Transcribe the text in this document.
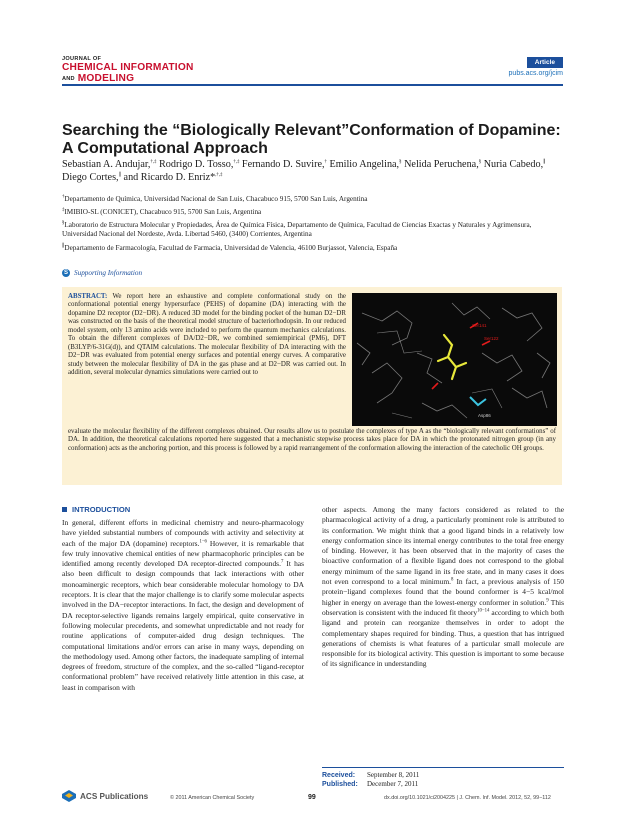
JOURNAL OF
CHEMICAL INFORMATION
AND MODELING
Article
pubs.acs.org/jcim
Searching the “Biologically Relevant”Conformation of Dopamine: A Computational Approach
Sebastian A. Andujar,†,‡ Rodrigo D. Tosso,†,‡ Fernando D. Suvire,† Emilio Angelina,§ Nelida Peruchena,§ Nuria Cabedo,∥ Diego Cortes,∥ and Ricardo D. Enriz*,†,‡
†Departamento de Química, Universidad Nacional de San Luis, Chacabuco 915, 5700 San Luis, Argentina
‡IMIBIO-SL (CONICET), Chacabuco 915, 5700 San Luis, Argentina
§Laboratorio de Estructura Molecular y Propiedades, Área de Química Física, Departamento de Química, Facultad de Ciencias Exactas y Naturales y Agrimensura, Universidad Nacional del Nordeste, Avda. Libertad 5460, (3400) Corrientes, Argentina
∥Departamento de Farmacología, Facultad de Farmacia, Universidad de Valencia, 46100 Burjassot, Valencia, España
S Supporting Information
ABSTRACT: We report here an exhaustive and complete conformational study on the conformational potential energy hypersurface (PEHS) of dopamine (DA) interacting with the dopamine D2 receptor (D2−DR). A reduced 3D model for the binding pocket of the human D2−DR was constructed on the basis of the theoretical model structure of bacteriorhodopsin. In our reduced model system, only 13 amino acids were included to perform the quantum mechanics calculations. To obtain the different complexes of DA/D2−DR, we combined semiempirical (PM6), DFT (B3LYP/6-31G(d)), and QTAIM calculations. The molecular flexibility of DA interacting with the D2−DR was evaluated from potential energy surfaces and potential energy curves. A comparative study between the molecular flexibility of DA in the gas phase and at D2−DR was carried out. In addition, several molecular dynamics simulations were carried out to
Ser141
Ser122
Asp86
evaluate the molecular flexibility of the different complexes obtained. Our results allow us to postulate the complexes of type A as the “biologically relevant conformations” of DA. In addition, the theoretical calculations reported here suggested that a mechanistic stepwise process takes place for DA in which the protonated nitrogen group (in any conformation) acts as the anchoring portion, and this process is followed by a rapid rearrangement of the conformation allowing the interaction of the catecholic OH groups.
INTRODUCTION
In general, different efforts in medicinal chemistry and neuro-pharmacology have yielded substantial numbers of compounds with activity and selectivity at each of the major DA (dopamine) receptors.$^{1-6}$ However, it is remarkable that few truly innovative chemical entities of new pharmacophoric principles can be identified among recently developed DA receptor-directed compounds.$^7$ It has also been difficult to design compounds that lack interactions with other monoaminergic receptors, which bear considerable molecular homology to DA receptors. It is clear that the major challenge is to clarify some molecular aspects involved in the DA−receptor interactions. In fact, the design and development of DA receptor-selective ligands remains largely empirical, quite conservative in following molecular precedents, and somewhat unpredictable and not ready for routine applications of computer-aided drug design techniques. The computational limitations and/or errors can arise in many ways, depending on the methodology used. Among other factors, the inadequate sampling of internal degrees of freedom, structure of the complex, and the so-called “ligand-receptor conformational problem” have received relatively little attention in this case, at least in comparison with
other aspects. Among the many factors considered as related to the pharmacological activity of a drug, a particularly prominent role is attributed to its conformation. We might think that a good ligand binds in a relatively low energy conformation since its internal energy contributes to the total free energy of binding. However, it has been observed that in the majority of cases the bioactive conformation of a flexible ligand does not correspond to the global energy minimum of the same ligand in its free state, and in many cases it does not even correspond to a local minimum.$^8$ In fact, a previous analysis of 150 protein−ligand complexes found that the bound conformer is 4−5 kcal/mol higher in energy on average than the lowest-energy conformer in solution.$^9$ This observation is consistent with the induced fit theory$^{10-14}$ according to which both ligand and protein can reorganize themselves in order to adopt the complementary shapes required for binding. Thus, a question that has intrigued generations of chemists is what features of a particular small molecule are responsible for its biological activity. This question is important to some because of its significance in understanding
Received: September 8, 2011
Published: December 7, 2011
ACS Publications	© 2011 American Chemical Society	99	dx.doi.org/10.1021/ci2004225 | J. Chem. Inf. Model. 2012, 52, 99−112
